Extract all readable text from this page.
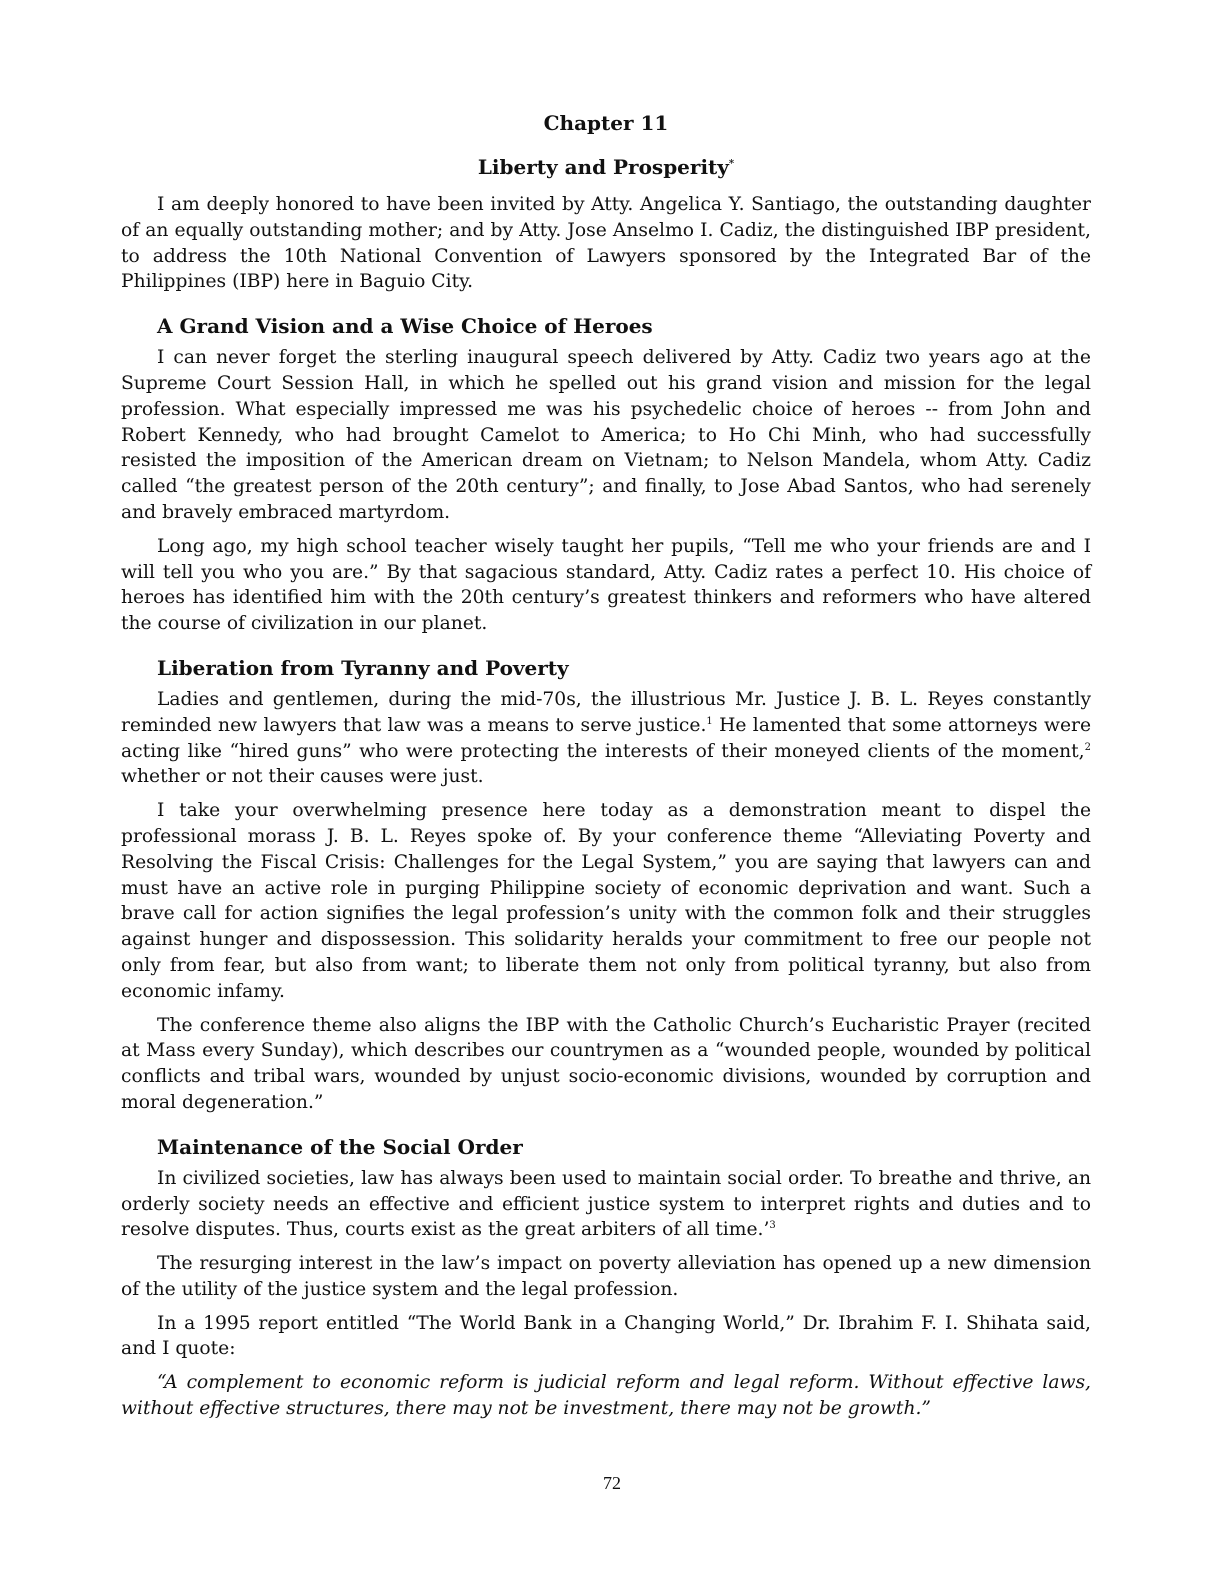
Chapter 11
Liberty and Prosperity*

I am deeply honored to have been invited by Atty. Angelica Y. Santiago, the outstanding daughter of an equally outstanding mother; and by Atty. Jose Anselmo I. Cadiz, the distinguished IBP president, to address the 10th National Convention of Lawyers sponsored by the Integrated Bar of the Philippines (IBP) here in Baguio City.

A Grand Vision and a Wise Choice of Heroes

I can never forget the sterling inaugural speech delivered by Atty. Cadiz two years ago at the Supreme Court Session Hall, in which he spelled out his grand vision and mission for the legal profession. What especially impressed me was his psychedelic choice of heroes -- from John and Robert Kennedy, who had brought Camelot to America; to Ho Chi Minh, who had successfully resisted the imposition of the American dream on Vietnam; to Nelson Mandela, whom Atty. Cadiz called “the greatest person of the 20th century”; and finally, to Jose Abad Santos, who had serenely and bravely embraced martyrdom.

Long ago, my high school teacher wisely taught her pupils, “Tell me who your friends are and I will tell you who you are.” By that sagacious standard, Atty. Cadiz rates a perfect 10. His choice of heroes has identified him with the 20th century’s greatest thinkers and reformers who have altered the course of civilization in our planet.

Liberation from Tyranny and Poverty

Ladies and gentlemen, during the mid-70s, the illustrious Mr. Justice J. B. L. Reyes constantly reminded new lawyers that law was a means to serve justice.$^1$ He lamented that some attorneys were acting like “hired guns” who were protecting the interests of their moneyed clients of the moment,$^2$ whether or not their causes were just.

I take your overwhelming presence here today as a demonstration meant to dispel the professional morass J. B. L. Reyes spoke of. By your conference theme “Alleviating Poverty and Resolving the Fiscal Crisis: Challenges for the Legal System,” you are saying that lawyers can and must have an active role in purging Philippine society of economic deprivation and want. Such a brave call for action signifies the legal profession’s unity with the common folk and their struggles against hunger and dispossession. This solidarity heralds your commitment to free our people not only from fear, but also from want; to liberate them not only from political tyranny, but also from economic infamy.

The conference theme also aligns the IBP with the Catholic Church’s Eucharistic Prayer (recited at Mass every Sunday), which describes our countrymen as a “wounded people, wounded by political conflicts and tribal wars, wounded by unjust socio-economic divisions, wounded by corruption and moral degeneration.”

Maintenance of the Social Order

In civilized societies, law has always been used to maintain social order. To breathe and thrive, an orderly society needs an effective and efficient justice system to interpret rights and duties and to resolve disputes. Thus, courts exist as the great arbiters of all time.’$^3$

The resurging interest in the law’s impact on poverty alleviation has opened up a new dimension of the utility of the justice system and the legal profession.

In a 1995 report entitled “The World Bank in a Changing World,” Dr. Ibrahim F. I. Shihata said, and I quote:

“A complement to economic reform is judicial reform and legal reform. Without effective laws, without effective structures, there may not be investment, there may not be growth.”

72
